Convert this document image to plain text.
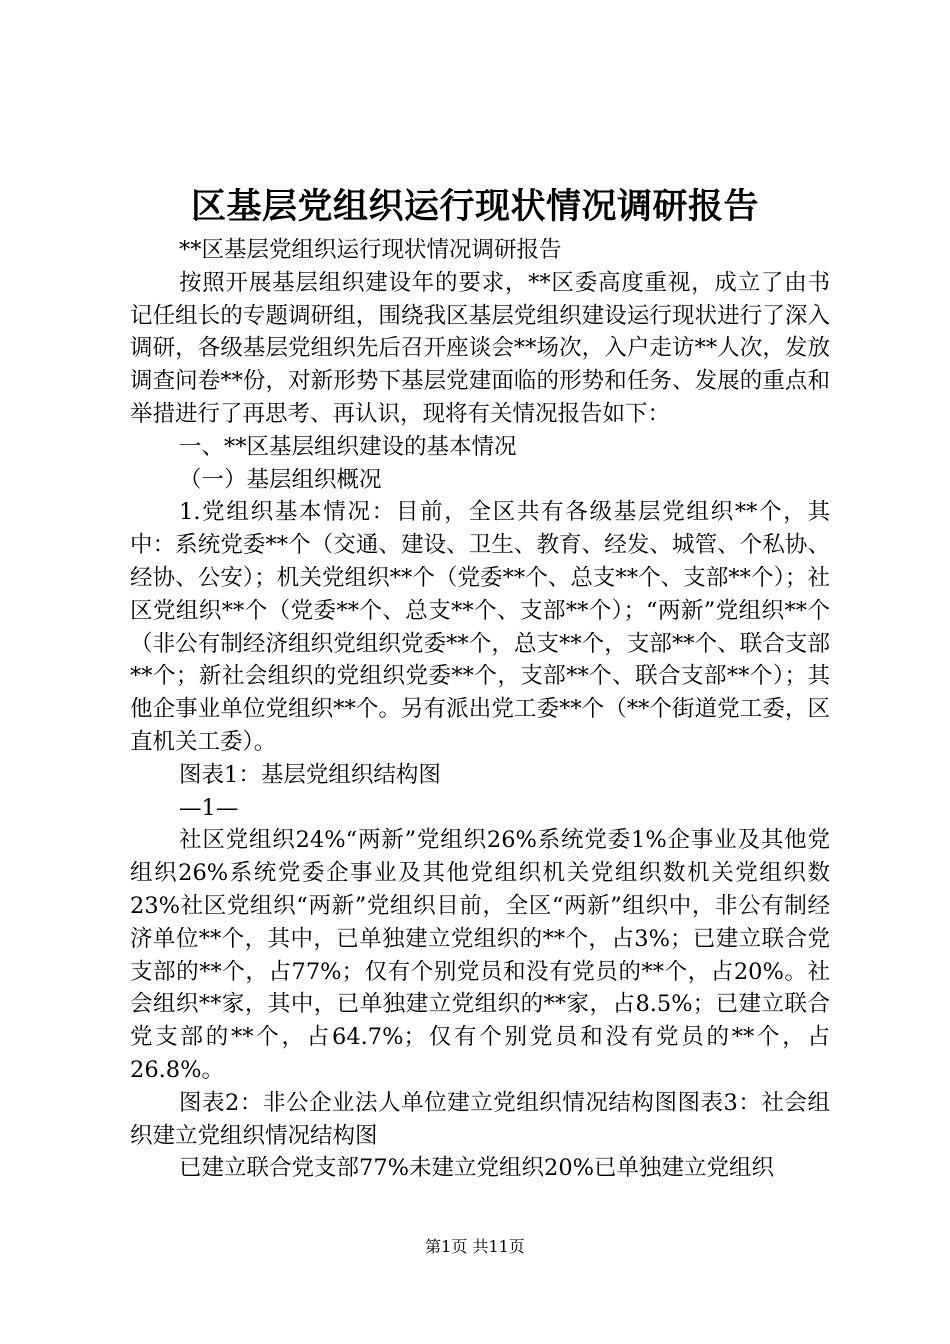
区基层党组织运行现状情况调研报告

**区基层党组织运行现状情况调研报告

按照开展基层组织建设年的要求，**区委高度重视，成立了由书记任组长的专题调研组，围绕我区基层党组织建设运行现状进行了深入调研，各级基层党组织先后召开座谈会**场次，入户走访**人次，发放调查问卷**份，对新形势下基层党建面临的形势和任务、发展的重点和举措进行了再思考、再认识，现将有关情况报告如下：

一、**区基层组织建设的基本情况

（一）基层组织概况

1.党组织基本情况：目前，全区共有各级基层党组织**个，其中：系统党委**个（交通、建设、卫生、教育、经发、城管、个私协、经协、公安）；机关党组织**个（党委**个、总支**个、支部**个）；社区党组织**个（党委**个、总支**个、支部**个）；“两新”党组织**个（非公有制经济组织党组织党委**个，总支**个，支部**个、联合支部**个；新社会组织的党组织党委**个，支部**个、联合支部**个）；其他企事业单位党组织**个。另有派出党工委**个（**个街道党工委，区直机关工委）。

图表1：基层党组织结构图

—1—

社区党组织24%“两新”党组织26%系统党委1%企事业及其他党组织26%系统党委企事业及其他党组织机关党组织数机关党组织数23%社区党组织“两新”党组织目前，全区“两新”组织中，非公有制经济单位**个，其中，已单独建立党组织的**个，占3%；已建立联合党支部的**个，占77%；仅有个别党员和没有党员的**个，占20%。社会组织**家，其中，已单独建立党组织的**家，占8.5%；已建立联合党支部的**个，占64.7%；仅有个别党员和没有党员的**个，占26.8%。

图表2：非公企业法人单位建立党组织情况结构图图表3：社会组织建立党组织情况结构图

已建立联合党支部77%未建立党组织20%已单独建立党组织

第1页 共11页
